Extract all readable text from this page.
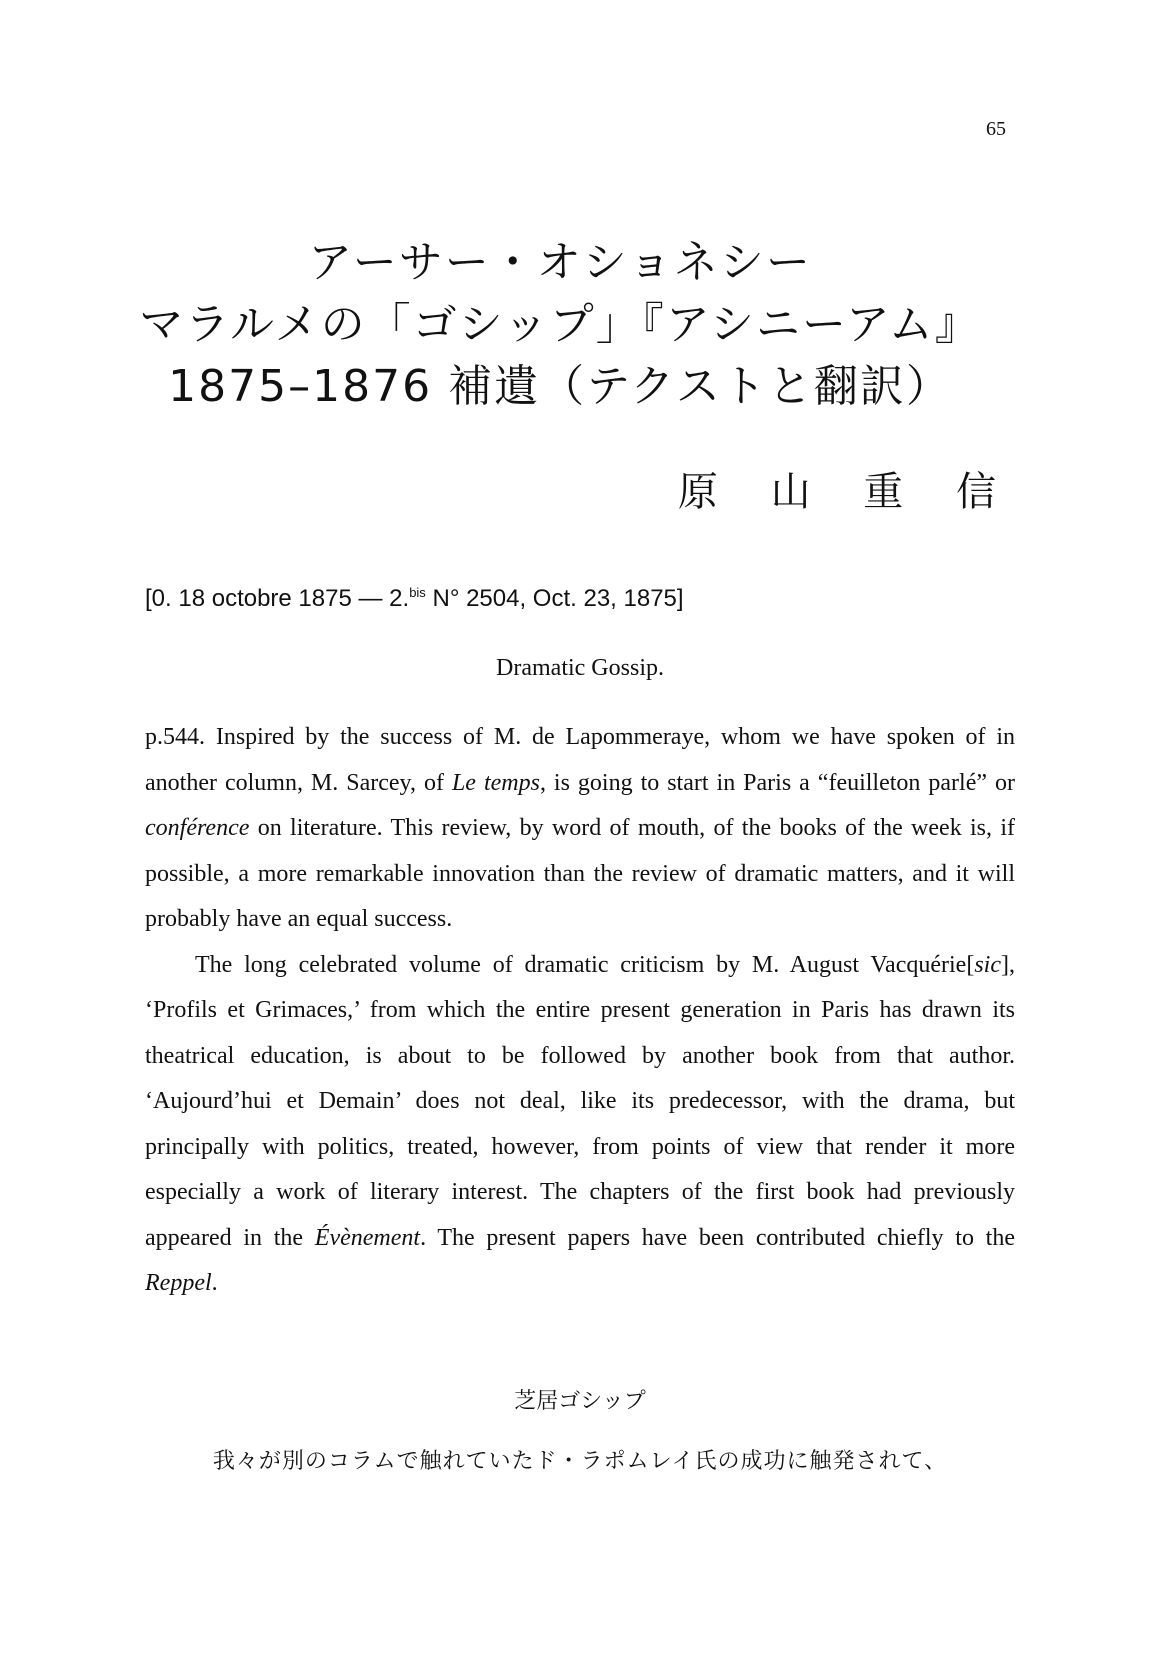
65
アーサー・オショネシー
マラルメの「ゴシップ」『アシニーアム』
1875–1876 補遺（テクストと翻訳）
原 山 重 信
[0. 18 octobre 1875 — 2.$^{bis}$ N° 2504, Oct. 23, 1875]
Dramatic Gossip.

p.544. Inspired by the success of M. de Lapommeraye, whom we have spoken of in another column, M. Sarcey, of Le temps, is going to start in Paris a “feuilleton parlé” or conférence on literature. This review, by word of mouth, of the books of the week is, if possible, a more remarkable innovation than the review of dramatic matters, and it will probably have an equal success.

The long celebrated volume of dramatic criticism by M. August Vacquérie[sic], ‘Profils et Grimaces,’ from which the entire present generation in Paris has drawn its theatrical education, is about to be followed by another book from that author. ‘Aujourd’hui et Demain’ does not deal, like its predecessor, with the drama, but principally with politics, treated, however, from points of view that render it more especially a work of literary interest. The chapters of the first book had previously appeared in the Évènement. The present papers have been contributed chiefly to the Reppel.

芝居ゴシップ
我々が別のコラムで触れていたド・ラポムレイ氏の成功に触発されて、
